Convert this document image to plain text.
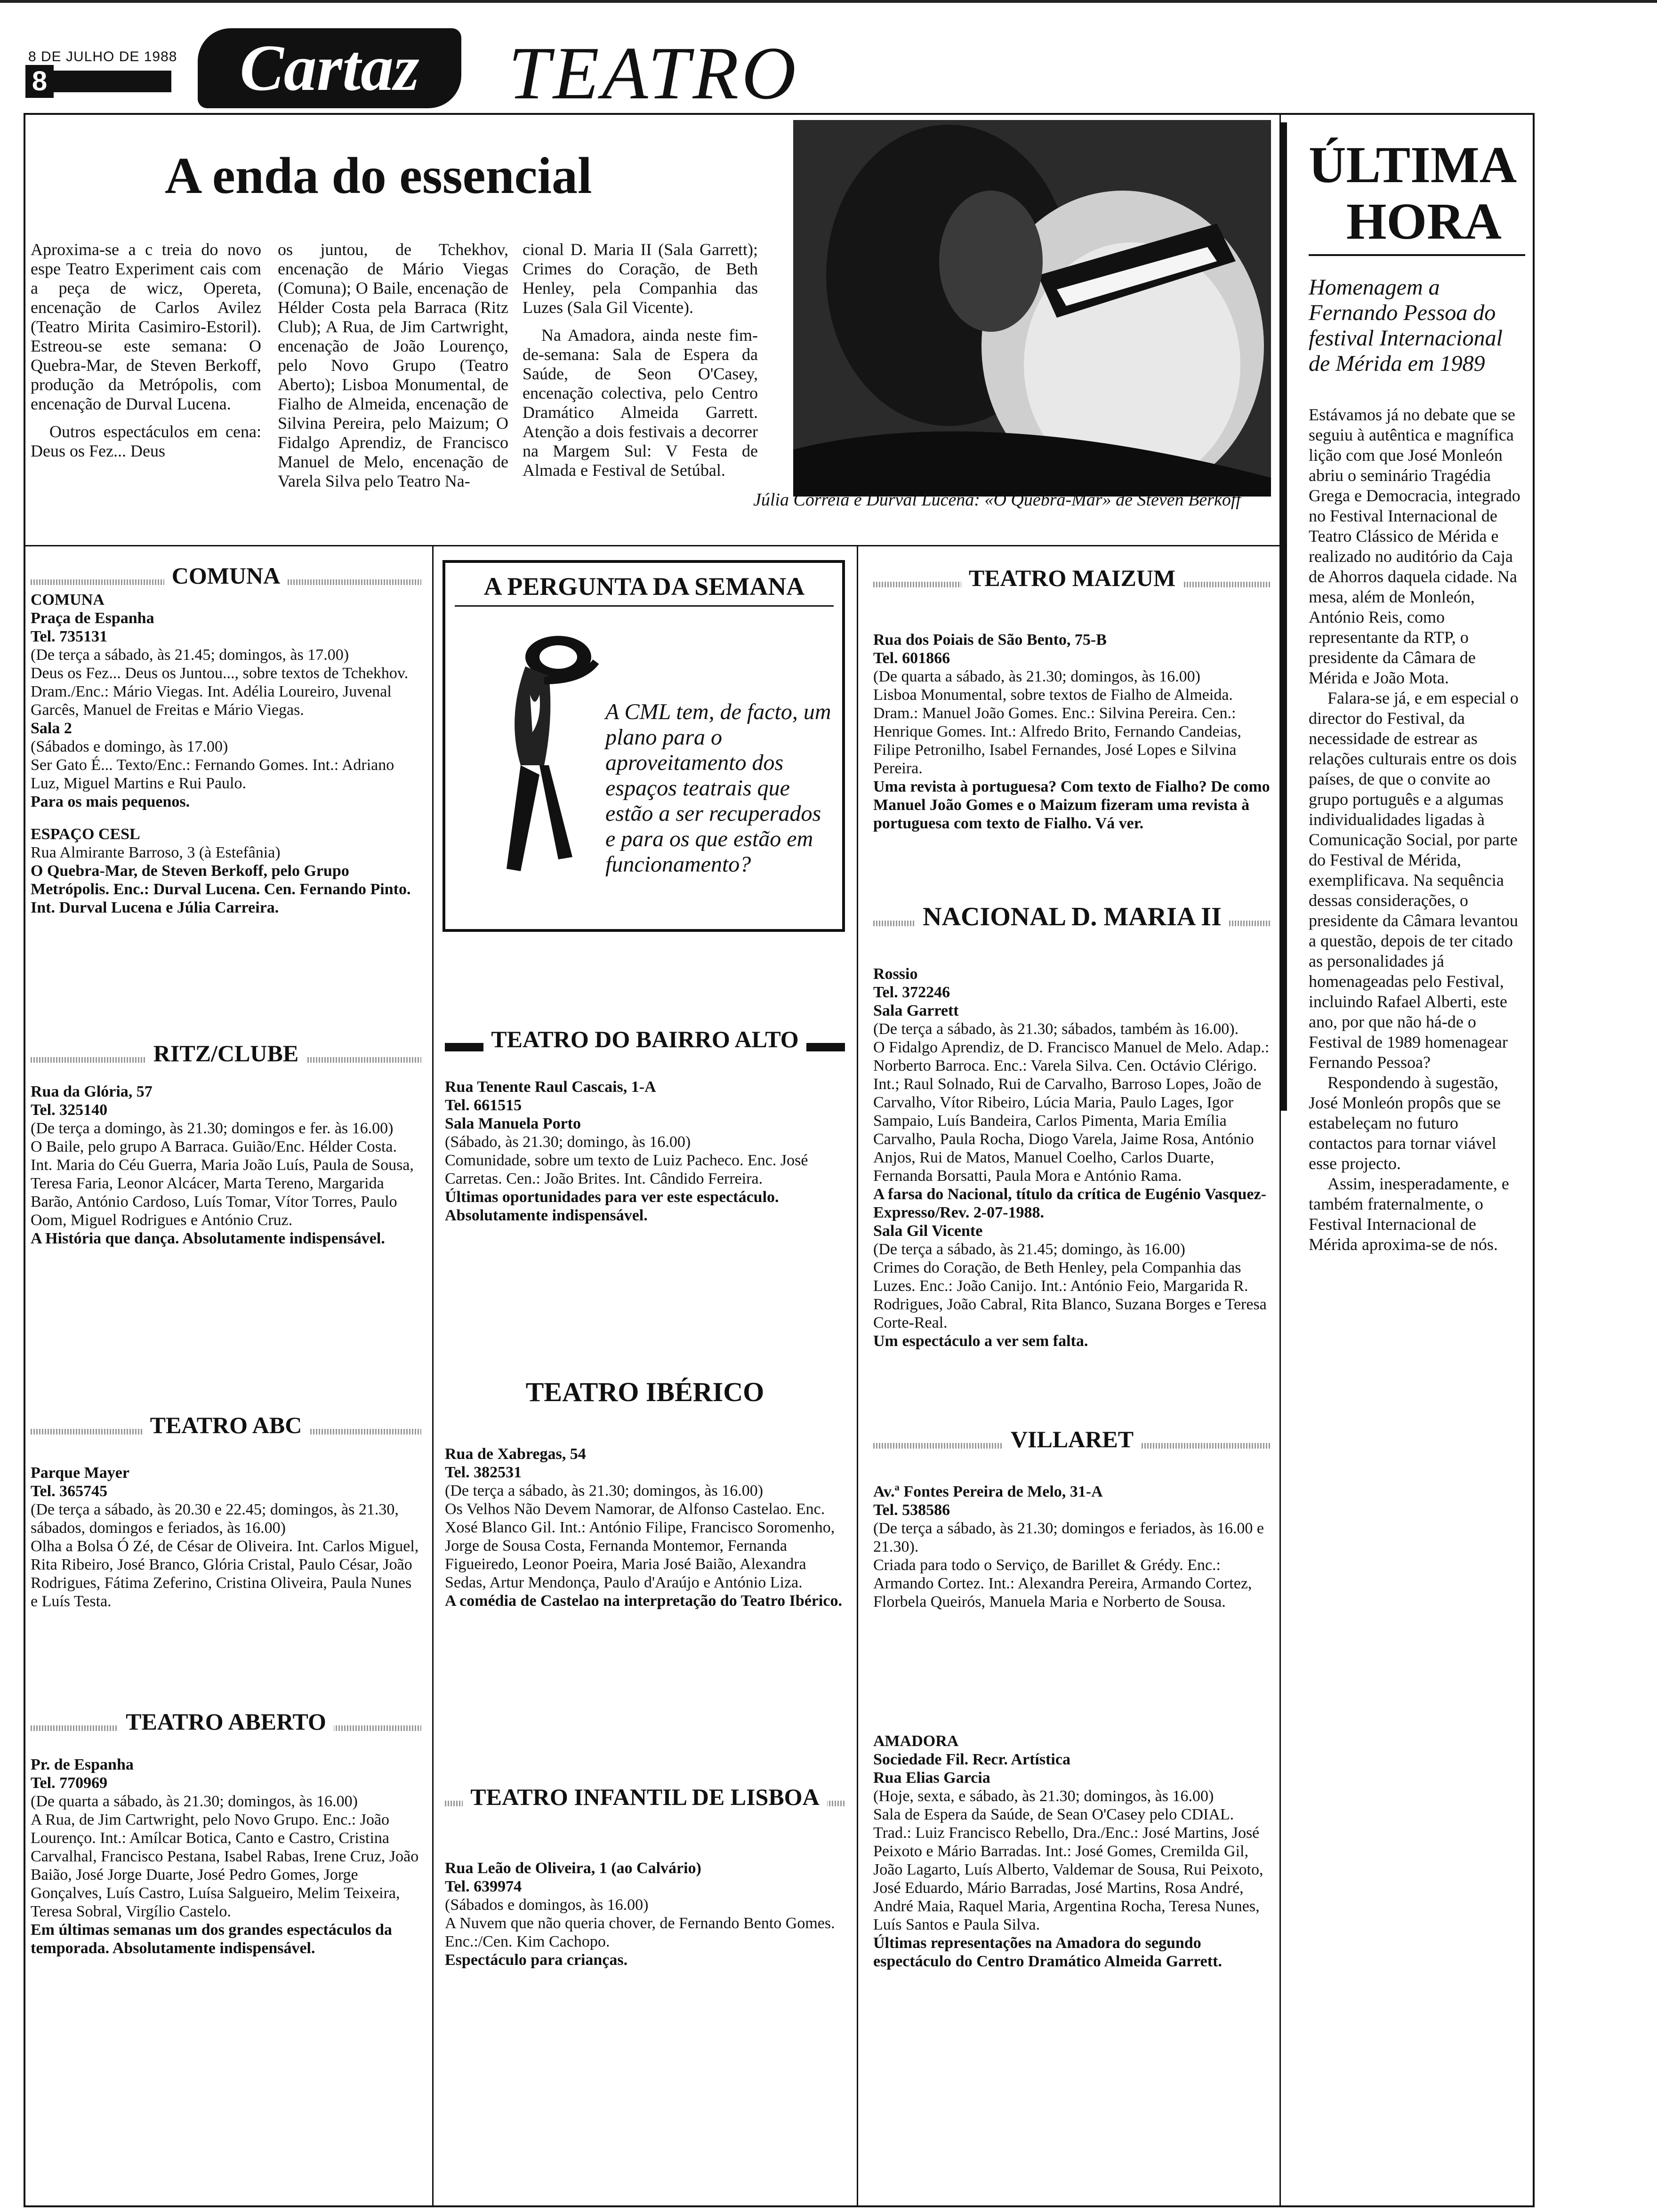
8 DE JULHO DE 1988
8	Cartaz	TEATRO
A enda do essencial
Aproxima-se a c treia do novo espe Teatro Experiment cais com a peça de wicz, Opereta, encenação de Carlos Avilez (Teatro Mirita Casimiro-Estoril). Estreou-se este semana: O Quebra-Mar, de Steven Berkoff, produção da Metrópolis, com encenação de Durval Lucena.
Outros espectáculos em cena: Deus os Fez... Deus
os juntou, de Tchekhov, encenação de Mário Viegas (Comuna); O Baile, encenação de Hélder Costa pela Barraca (Ritz Club); A Rua, de Jim Cartwright, encenação de João Lourenço, pelo Novo Grupo (Teatro Aberto); Lisboa Monumental, de Fialho de Almeida, encenação de Silvina Pereira, pelo Maizum; O Fidalgo Aprendiz, de Francisco Manuel de Melo, encenação de Varela Silva pelo Teatro Na-
cional D. Maria II (Sala Garrett); Crimes do Coração, de Beth Henley, pela Companhia das Luzes (Sala Gil Vicente).
Na Amadora, ainda neste fim-de-semana: Sala de Espera da Saúde, de Seon O'Casey, encenação colectiva, pelo Centro Dramático Almeida Garrett. Atenção a dois festivais a decorrer na Margem Sul: V Festa de Almada e Festival de Setúbal.
Júlia Correia e Durval Lucena: «O Quebra-Mar» de Steven Berkoff
ÚLTIMA
HORA
Homenagem a Fernando Pessoa do festival Internacional de Mérida em 1989
Estávamos já no debate que se seguiu à autêntica e magnífica lição com que José Monleón abriu o seminário Tragédia Grega e Democracia, integrado no Festival Internacional de Teatro Clássico de Mérida e realizado no auditório da Caja de Ahorros daquela cidade. Na mesa, além de Monleón, António Reis, como representante da RTP, o presidente da Câmara de Mérida e João Mota.
Falara-se já, e em especial o director do Festival, da necessidade de estrear as relações culturais entre os dois países, de que o convite ao grupo português e a algumas individualidades ligadas à Comunicação Social, por parte do Festival de Mérida, exemplificava. Na sequência dessas considerações, o presidente da Câmara levantou a questão, depois de ter citado as personalidades já homenageadas pelo Festival, incluindo Rafael Alberti, este ano, por que não há-de o Festival de 1989 homenagear Fernando Pessoa?
Respondendo à sugestão, José Monleón propôs que se estabeleçam no futuro contactos para tornar viável esse projecto.
Assim, inesperadamente, e também fraternalmente, o Festival Internacional de Mérida aproxima-se de nós.
COMUNA

COMUNA

Praça de Espanha

Tel. 735131

(De terça a sábado, às 21.45; domingos, às 17.00)

Deus os Fez... Deus os Juntou..., sobre textos de Tchekhov. Dram./Enc.: Mário Viegas. Int. Adélia Loureiro, Juvenal Garcês, Manuel de Freitas e Mário Viegas.

Sala 2

(Sábados e domingo, às 17.00)

Ser Gato É... Texto/Enc.: Fernando Gomes. Int.: Adriano Luz, Miguel Martins e Rui Paulo.

Para os mais pequenos.

ESPAÇO CESL

Rua Almirante Barroso, 3 (à Estefânia)

O Quebra-Mar, de Steven Berkoff, pelo Grupo Metrópolis. Enc.: Durval Lucena. Cen. Fernando Pinto. Int. Durval Lucena e Júlia Carreira.

RITZ/CLUBE

Rua da Glória, 57

Tel. 325140

(De terça a domingo, às 21.30; domingos e fer. às 16.00)

O Baile, pelo grupo A Barraca. Guião/Enc. Hélder Costa. Int. Maria do Céu Guerra, Maria João Luís, Paula de Sousa, Teresa Faria, Leonor Alcácer, Marta Tereno, Margarida Barão, António Cardoso, Luís Tomar, Vítor Torres, Paulo Oom, Miguel Rodrigues e António Cruz.

A História que dança. Absolutamente indispensável.

TEATRO ABC

Parque Mayer

Tel. 365745

(De terça a sábado, às 20.30 e 22.45; domingos, às 21.30, sábados, domingos e feriados, às 16.00)

Olha a Bolsa Ó Zé, de César de Oliveira. Int. Carlos Miguel, Rita Ribeiro, José Branco, Glória Cristal, Paulo César, João Rodrigues, Fátima Zeferino, Cristina Oliveira, Paula Nunes e Luís Testa.

TEATRO ABERTO

Pr. de Espanha

Tel. 770969

(De quarta a sábado, às 21.30; domingos, às 16.00)

A Rua, de Jim Cartwright, pelo Novo Grupo. Enc.: João Lourenço. Int.: Amílcar Botica, Canto e Castro, Cristina Carvalhal, Francisco Pestana, Isabel Rabas, Irene Cruz, João Baião, José Jorge Duarte, José Pedro Gomes, Jorge Gonçalves, Luís Castro, Luísa Salgueiro, Melim Teixeira, Teresa Sobral, Virgílio Castelo.

Em últimas semanas um dos grandes espectáculos da temporada. Absolutamente indispensável.

A PERGUNTA DA SEMANA
A CML tem, de facto, um plano para o aproveitamento dos espaços teatrais que estão a ser recuperados e para os que estão em funcionamento?
TEATRO DO BAIRRO ALTO

Rua Tenente Raul Cascais, 1-A

Tel. 661515

Sala Manuela Porto

(Sábado, às 21.30; domingo, às 16.00)

Comunidade, sobre um texto de Luiz Pacheco. Enc. José Carretas. Cen.: João Brites. Int. Cândido Ferreira.

Últimas oportunidades para ver este espectáculo. Absolutamente indispensável.

TEATRO IBÉRICO

Rua de Xabregas, 54

Tel. 382531

(De terça a sábado, às 21.30; domingos, às 16.00)

Os Velhos Não Devem Namorar, de Alfonso Castelao. Enc. Xosé Blanco Gil. Int.: António Filipe, Francisco Soromenho, Jorge de Sousa Costa, Fernanda Montemor, Fernanda Figueiredo, Leonor Poeira, Maria José Baião, Alexandra Sedas, Artur Mendonça, Paulo d'Araújo e António Liza.

A comédia de Castelao na interpretação do Teatro Ibérico.

TEATRO INFANTIL DE LISBOA

Rua Leão de Oliveira, 1 (ao Calvário)

Tel. 639974

(Sábados e domingos, às 16.00)

A Nuvem que não queria chover, de Fernando Bento Gomes. Enc.:/Cen. Kim Cachopo.

Espectáculo para crianças.

TEATRO MAIZUM

Rua dos Poiais de São Bento, 75-B

Tel. 601866

(De quarta a sábado, às 21.30; domingos, às 16.00)

Lisboa Monumental, sobre textos de Fialho de Almeida. Dram.: Manuel João Gomes. Enc.: Silvina Pereira. Cen.: Henrique Gomes. Int.: Alfredo Brito, Fernando Candeias, Filipe Petronilho, Isabel Fernandes, José Lopes e Silvina Pereira.

Uma revista à portuguesa? Com texto de Fialho? De como Manuel João Gomes e o Maizum fizeram uma revista à portuguesa com texto de Fialho. Vá ver.

NACIONAL D. MARIA II

Rossio

Tel. 372246

Sala Garrett

(De terça a sábado, às 21.30; sábados, também às 16.00).

O Fidalgo Aprendiz, de D. Francisco Manuel de Melo. Adap.: Norberto Barroca. Enc.: Varela Silva. Cen. Octávio Clérigo. Int.; Raul Solnado, Rui de Carvalho, Barroso Lopes, João de Carvalho, Vítor Ribeiro, Lúcia Maria, Paulo Lages, Igor Sampaio, Luís Bandeira, Carlos Pimenta, Maria Emília Carvalho, Paula Rocha, Diogo Varela, Jaime Rosa, António Anjos, Rui de Matos, Manuel Coelho, Carlos Duarte, Fernanda Borsatti, Paula Mora e António Rama.

A farsa do Nacional, título da crítica de Eugénio Vasquez-Expresso/Rev. 2-07-1988.

Sala Gil Vicente

(De terça a sábado, às 21.45; domingo, às 16.00)

Crimes do Coração, de Beth Henley, pela Companhia das Luzes. Enc.: João Canijo. Int.: António Feio, Margarida R. Rodrigues, João Cabral, Rita Blanco, Suzana Borges e Teresa Corte-Real.

Um espectáculo a ver sem falta.

VILLARET

Av.ª Fontes Pereira de Melo, 31-A

Tel. 538586

(De terça a sábado, às 21.30; domingos e feriados, às 16.00 e 21.30).

Criada para todo o Serviço, de Barillet & Grédy. Enc.: Armando Cortez. Int.: Alexandra Pereira, Armando Cortez, Florbela Queirós, Manuela Maria e Norberto de Sousa.

AMADORA

Sociedade Fil. Recr. Artística

Rua Elias Garcia

(Hoje, sexta, e sábado, às 21.30; domingos, às 16.00)

Sala de Espera da Saúde, de Sean O'Casey pelo CDIAL. Trad.: Luiz Francisco Rebello, Dra./Enc.: José Martins, José Peixoto e Mário Barradas. Int.: José Gomes, Cremilda Gil, João Lagarto, Luís Alberto, Valdemar de Sousa, Rui Peixoto, José Eduardo, Mário Barradas, José Martins, Rosa André, André Maia, Raquel Maria, Argentina Rocha, Teresa Nunes, Luís Santos e Paula Silva.

Últimas representações na Amadora do segundo espectáculo do Centro Dramático Almeida Garrett.
